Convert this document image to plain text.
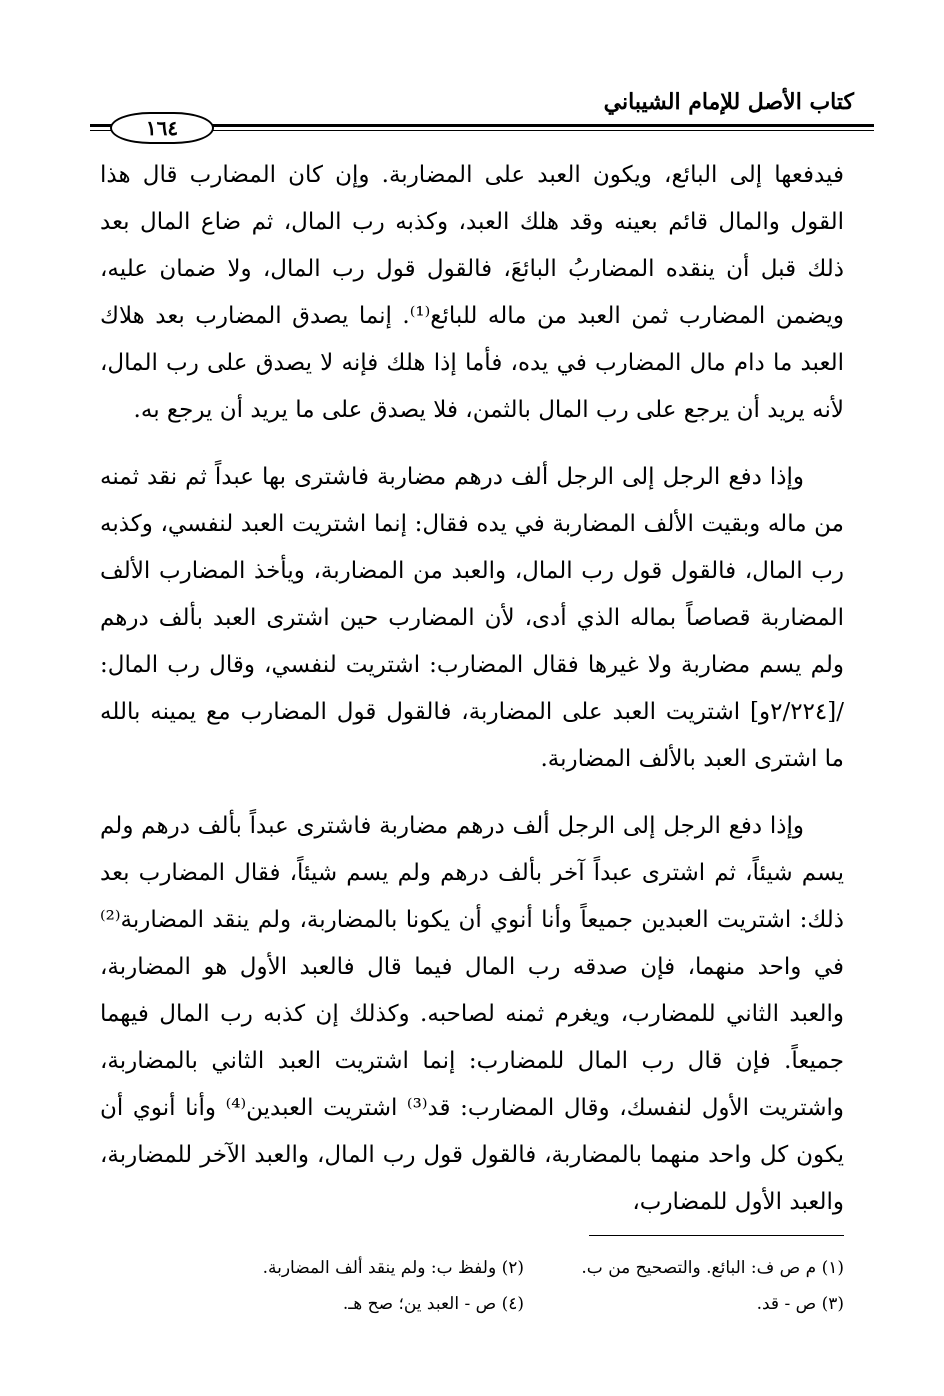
كتاب الأصل للإمام الشيباني
١٦٤

فيدفعها إلى البائع، ويكون العبد على المضاربة. وإن كان المضارب قال هذا القول والمال قائم بعينه وقد هلك العبد، وكذبه رب المال، ثم ضاع المال بعد ذلك قبل أن ينقده المضاربُ البائعَ، فالقول قول رب المال، ولا ضمان عليه، ويضمن المضارب ثمن العبد من ماله للبائع⁽¹⁾. إنما يصدق المضارب بعد هلاك العبد ما دام مال المضارب في يده، فأما إذا هلك فإنه لا يصدق على رب المال، لأنه يريد أن يرجع على رب المال بالثمن، فلا يصدق على ما يريد أن يرجع به.

وإذا دفع الرجل إلى الرجل ألف درهم مضاربة فاشترى بها عبداً ثم نقد ثمنه من ماله وبقيت الألف المضاربة في يده فقال: إنما اشتريت العبد لنفسي، وكذبه رب المال، فالقول قول رب المال، والعبد من المضاربة، ويأخذ المضارب الألف المضاربة قصاصاً بماله الذي أدى، لأن المضارب حين اشترى العبد بألف درهم ولم يسم مضاربة ولا غيرها فقال المضارب: اشتريت لنفسي، وقال رب المال: /[٢/٢٢٤و] اشتريت العبد على المضاربة، فالقول قول المضارب مع يمينه بالله ما اشترى العبد بالألف المضاربة.

وإذا دفع الرجل إلى الرجل ألف درهم مضاربة فاشترى عبداً بألف درهم ولم يسم شيئاً، ثم اشترى عبداً آخر بألف درهم ولم يسم شيئاً، فقال المضارب بعد ذلك: اشتريت العبدين جميعاً وأنا أنوي أن يكونا بالمضاربة، ولم ينقد المضاربة⁽²⁾ في واحد منهما، فإن صدقه رب المال فيما قال فالعبد الأول هو المضاربة، والعبد الثاني للمضارب، ويغرم ثمنه لصاحبه. وكذلك إن كذبه رب المال فيهما جميعاً. فإن قال رب المال للمضارب: إنما اشتريت العبد الثاني بالمضاربة، واشتريت الأول لنفسك، وقال المضارب: قد⁽³⁾ اشتريت العبدين⁽⁴⁾ وأنا أنوي أن يكون كل واحد منهما بالمضاربة، فالقول قول رب المال، والعبد الآخر للمضاربة، والعبد الأول للمضارب،

(١) م ص ف: البائع. والتصحيح من ب.
(٢) ولفظ ب: ولم ينقد ألف المضاربة.
(٣) ص - قد.
(٤) ص - العبد ين؛ صح هـ.
